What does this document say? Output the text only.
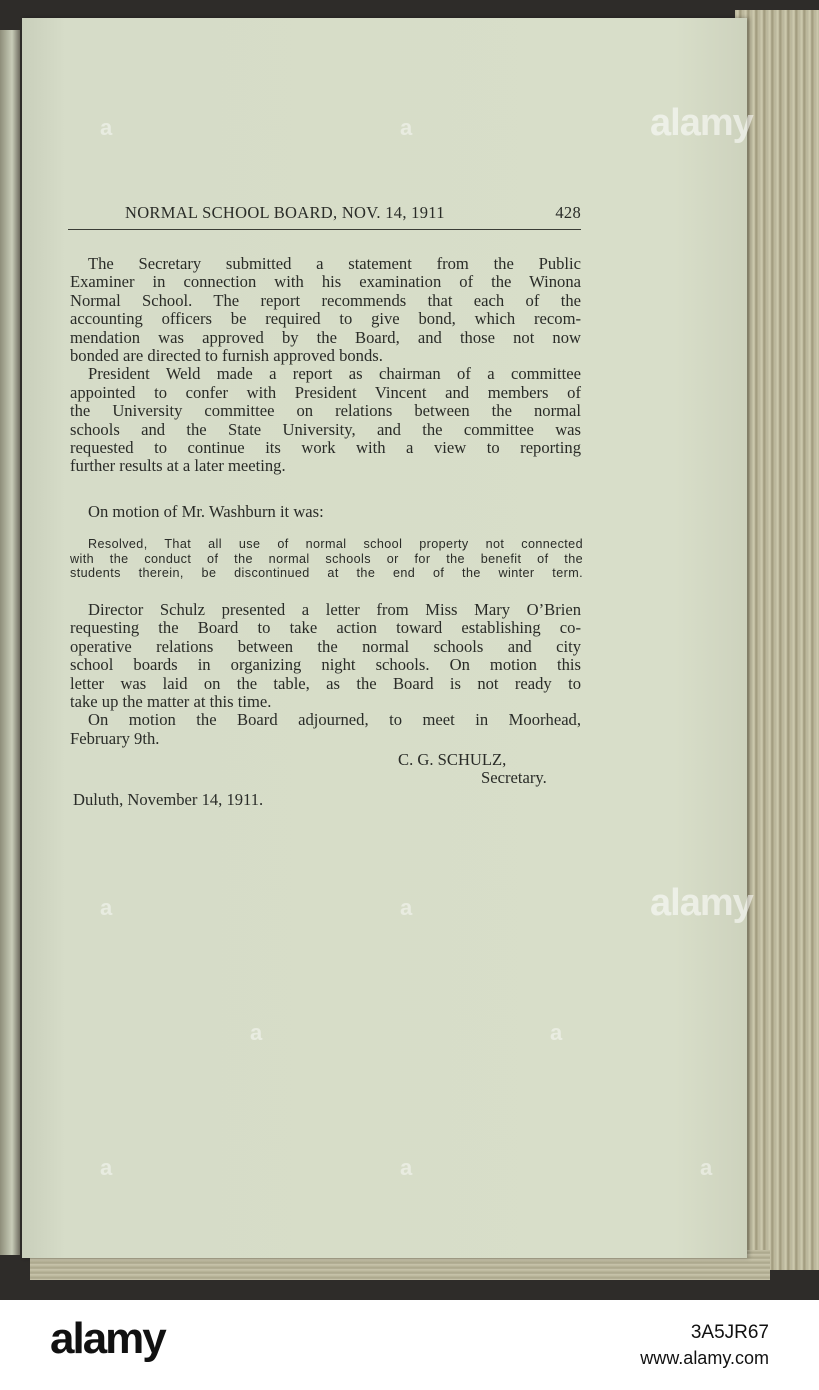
NORMAL SCHOOL BOARD, NOV. 14, 1911	428
The Secretary submitted a statement from the Public
Examiner in connection with his examination of the Winona
Normal School. The report recommends that each of the
accounting officers be required to give bond, which recom-
mendation was approved by the Board, and those not now
bonded are directed to furnish approved bonds.
President Weld made a report as chairman of a committee
appointed to confer with President Vincent and members of
the University committee on relations between the normal
schools and the State University, and the committee was
requested to continue its work with a view to reporting
further results at a later meeting.
On motion of Mr. Washburn it was:
Resolved, That all use of normal school property not connected
with the conduct of the normal schools or for the benefit of the
students therein, be discontinued at the end of the winter term.
Director Schulz presented a letter from Miss Mary O’Brien
requesting the Board to take action toward establishing co-
operative relations between the normal schools and city
school boards in organizing night schools. On motion this
letter was laid on the table, as the Board is not ready to
take up the matter at this time.
On motion the Board adjourned, to meet in Moorhead,
February 9th.
C. G. SCHULZ,
Secretary.
Duluth, November 14, 1911.
alamy
alamy
a	a
a	a
a	a
a	a	a
alamy	3A5JR67
www.alamy.com
